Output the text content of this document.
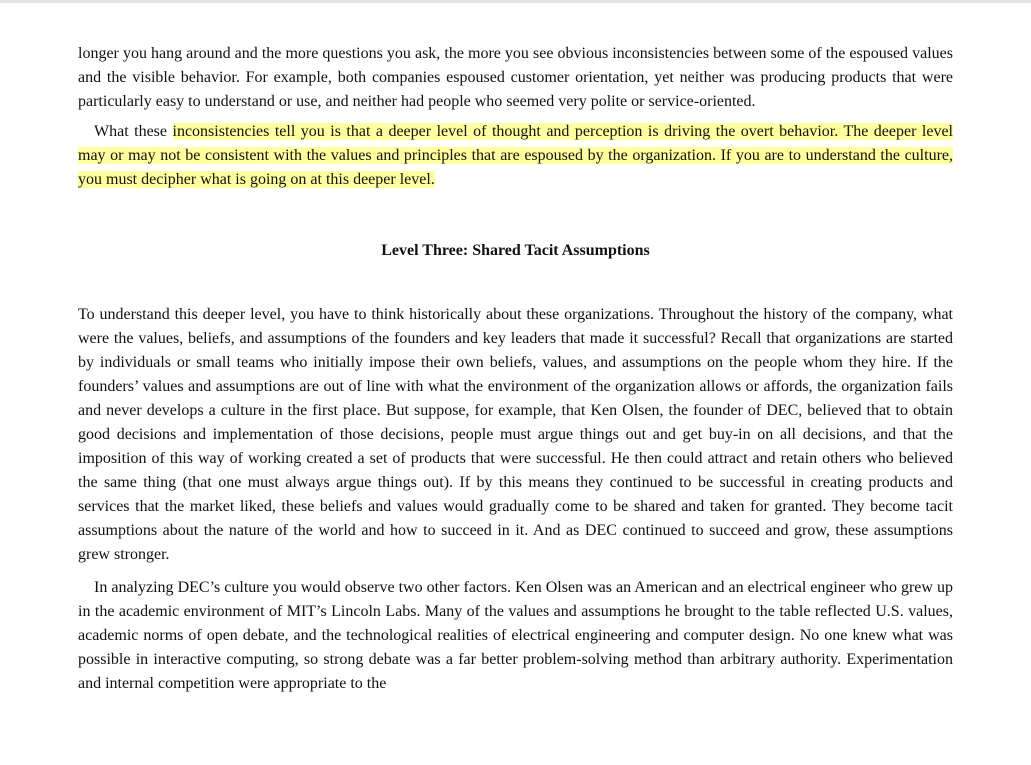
longer you hang around and the more questions you ask, the more you see obvious inconsistencies between some of the espoused values and the visible behavior. For example, both companies espoused customer orientation, yet neither was producing products that were particularly easy to understand or use, and neither had people who seemed very polite or service-oriented.

What these inconsistencies tell you is that a deeper level of thought and perception is driving the overt behavior. The deeper level may or may not be consistent with the values and principles that are espoused by the organization. If you are to understand the culture, you must decipher what is going on at this deeper level.

Level Three: Shared Tacit Assumptions

To understand this deeper level, you have to think historically about these organizations. Throughout the history of the company, what were the values, beliefs, and assumptions of the founders and key leaders that made it successful? Recall that organizations are started by individuals or small teams who initially impose their own beliefs, values, and assumptions on the people whom they hire. If the founders’ values and assumptions are out of line with what the environment of the organization allows or affords, the organization fails and never develops a culture in the first place. But suppose, for example, that Ken Olsen, the founder of DEC, believed that to obtain good decisions and implementation of those decisions, people must argue things out and get buy-in on all decisions, and that the imposition of this way of working created a set of products that were successful. He then could attract and retain others who believed the same thing (that one must always argue things out). If by this means they continued to be successful in creating products and services that the market liked, these beliefs and values would gradually come to be shared and taken for granted. They become tacit assumptions about the nature of the world and how to succeed in it. And as DEC continued to succeed and grow, these assumptions grew stronger.

In analyzing DEC’s culture you would observe two other factors. Ken Olsen was an American and an electrical engineer who grew up in the academic environment of MIT’s Lincoln Labs. Many of the values and assumptions he brought to the table reflected U.S. values, academic norms of open debate, and the technological realities of electrical engineering and computer design. No one knew what was possible in interactive computing, so strong debate was a far better problem-solving method than arbitrary authority. Experimentation and internal competition were appropriate to the
